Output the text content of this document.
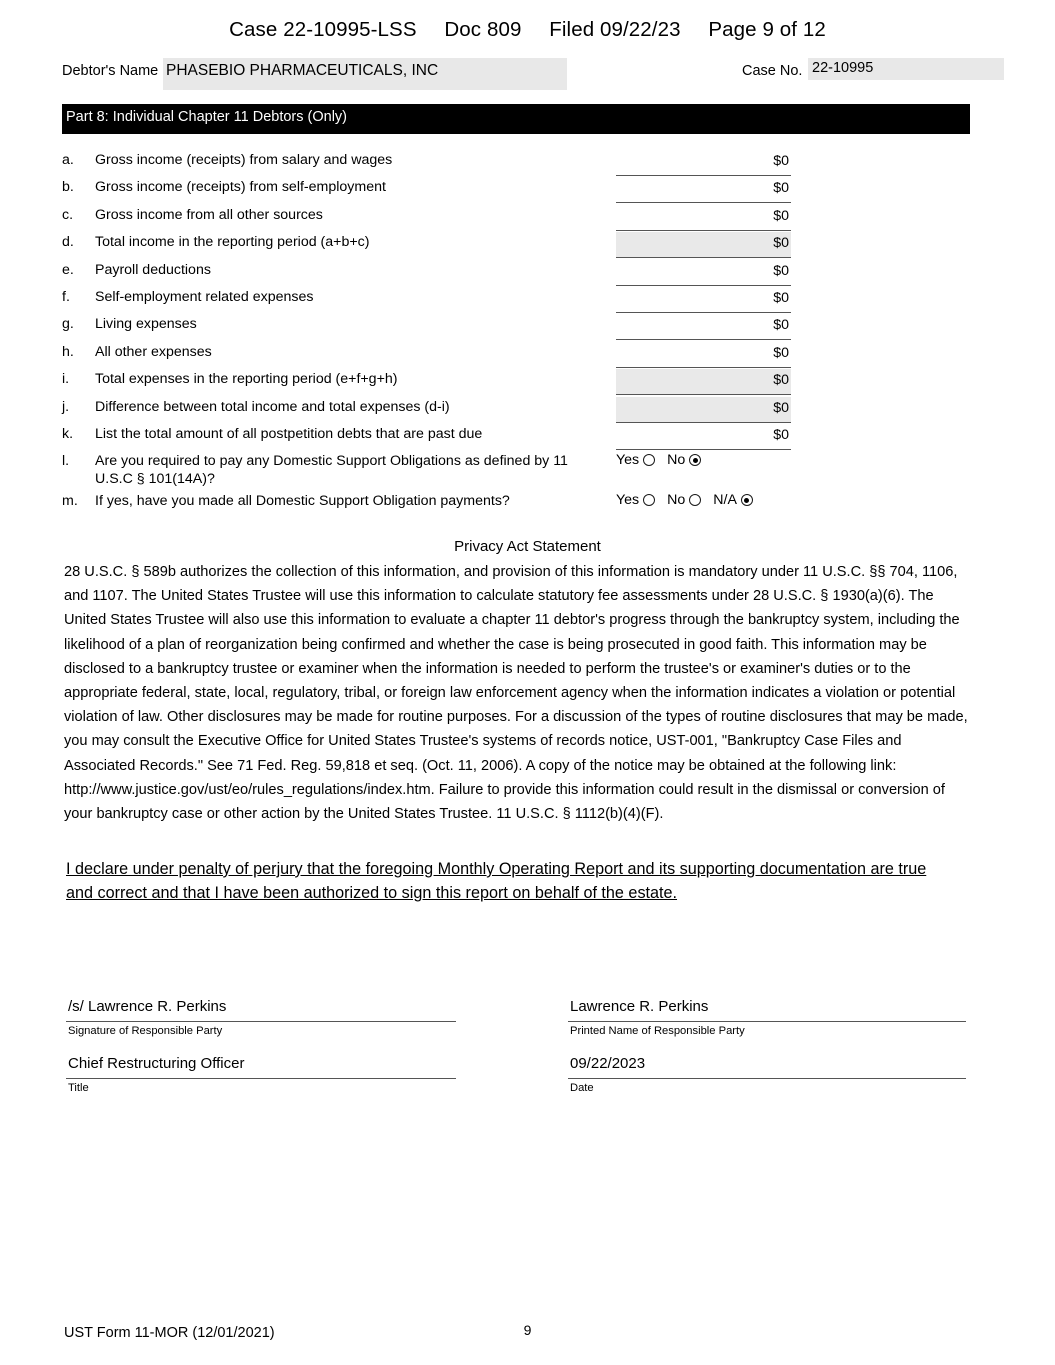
Case 22-10995-LSS Doc 809 Filed 09/22/23 Page 9 of 12
Debtor's Name PHASEBIO PHARMACEUTICALS, INC	Case No. 22-10995
Part 8: Individual Chapter 11 Debtors (Only)
a. Gross income (receipts) from salary and wages	$0
b. Gross income (receipts) from self-employment	$0
c. Gross income from all other sources	$0
d. Total income in the reporting period (a+b+c)	$0
e. Payroll deductions	$0
f. Self-employment related expenses	$0
g. Living expenses	$0
h. All other expenses	$0
i. Total expenses in the reporting period (e+f+g+h)	$0
j. Difference between total income and total expenses (d-i)	$0
k. List the total amount of all postpetition debts that are past due	$0
l. Are you required to pay any Domestic Support Obligations as defined by 11 U.S.C § 101(14A)?
Yes No
m. If yes, have you made all Domestic Support Obligation payments?	Yes No N/A
Privacy Act Statement
28 U.S.C. § 589b authorizes the collection of this information, and provision of this information is mandatory under 11 U.S.C. §§ 704, 1106, and 1107. The United States Trustee will use this information to calculate statutory fee assessments under 28 U.S.C. § 1930(a)(6). The United States Trustee will also use this information to evaluate a chapter 11 debtor's progress through the bankruptcy system, including the likelihood of a plan of reorganization being confirmed and whether the case is being prosecuted in good faith. This information may be disclosed to a bankruptcy trustee or examiner when the information is needed to perform the trustee's or examiner's duties or to the appropriate federal, state, local, regulatory, tribal, or foreign law enforcement agency when the information indicates a violation or potential violation of law. Other disclosures may be made for routine purposes. For a discussion of the types of routine disclosures that may be made, you may consult the Executive Office for United States Trustee's systems of records notice, UST-001, "Bankruptcy Case Files and Associated Records." See 71 Fed. Reg. 59,818 et seq. (Oct. 11, 2006). A copy of the notice may be obtained at the following link: http://www.justice.gov/ust/eo/rules_regulations/index.htm. Failure to provide this information could result in the dismissal or conversion of your bankruptcy case or other action by the United States Trustee. 11 U.S.C. § 1112(b)(4)(F).
I declare under penalty of perjury that the foregoing Monthly Operating Report and its supporting documentation are true and correct and that I have been authorized to sign this report on behalf of the estate.
/s/ Lawrence R. Perkins
Signature of Responsible Party
Chief Restructuring Officer
Title
Lawrence R. Perkins
Printed Name of Responsible Party
09/22/2023
Date
UST Form 11-MOR (12/01/2021)	9
